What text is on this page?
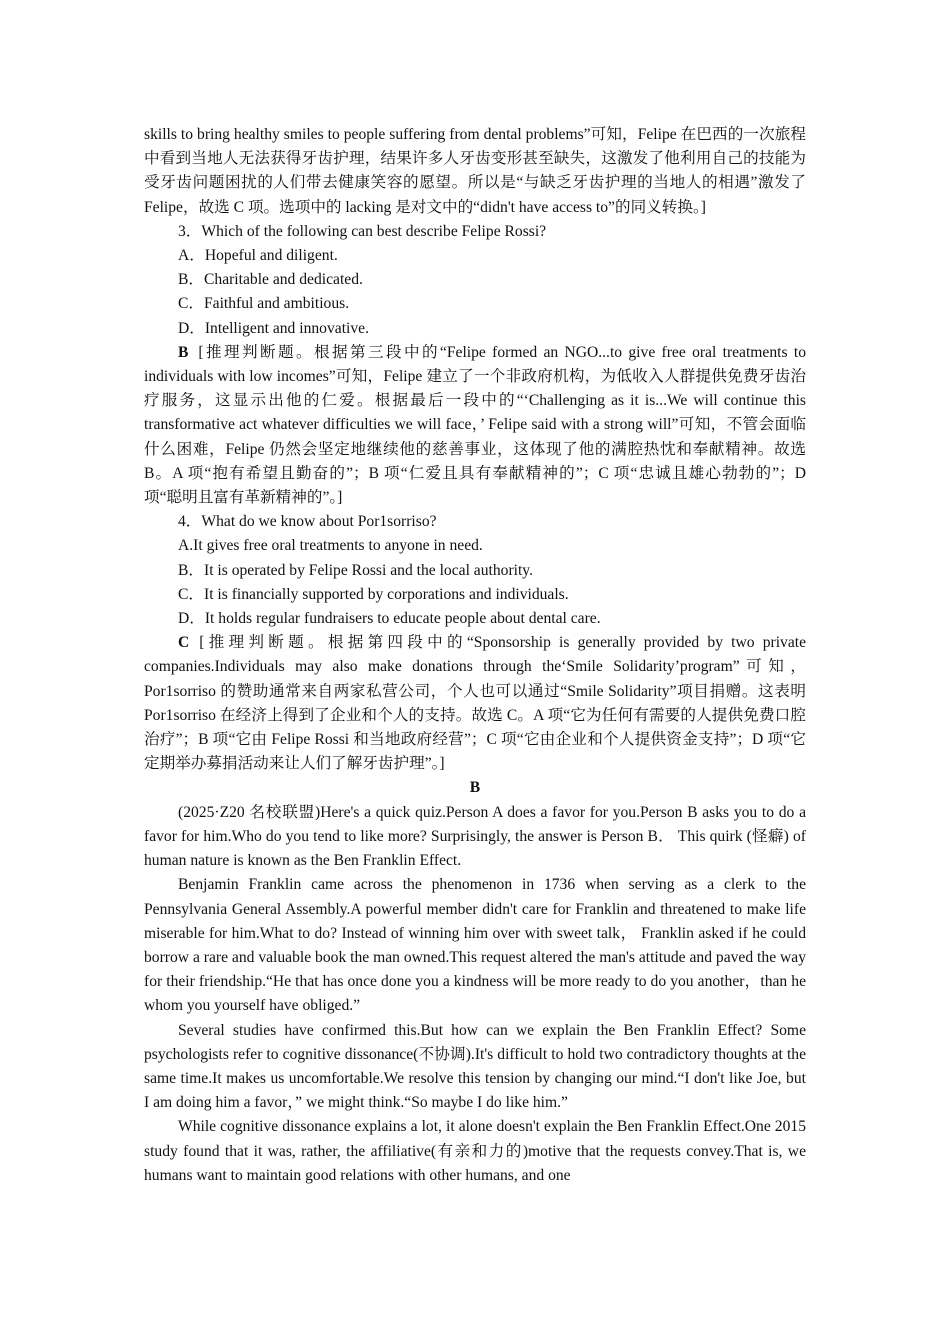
skills to bring healthy smiles to people suffering from dental problems”可知，Felipe 在巴西的一次旅程中看到当地人无法获得牙齿护理，结果许多人牙齿变形甚至缺失，这激发了他利用自己的技能为受牙齿问题困扰的人们带去健康笑容的愿望。所以是“与缺乏牙齿护理的当地人的相遇”激发了 Felipe，故选 C 项。选项中的 lacking 是对文中的“didn't have access to”的同义转换。]

3．Which of the following can best describe Felipe Rossi?

A．Hopeful and diligent.

B．Charitable and dedicated.

C．Faithful and ambitious.

D．Intelligent and innovative.

B [推理判断题。根据第三段中的“Felipe formed an NGO...to give free oral treatments to individuals with low incomes”可知，Felipe 建立了一个非政府机构，为低收入人群提供免费牙齿治疗服务，这显示出他的仁爱。根据最后一段中的“‘Challenging as it is...We will continue this transformative act whatever difficulties we will face，’ Felipe said with a strong will”可知，不管会面临什么困难，Felipe 仍然会坚定地继续他的慈善事业，这体现了他的满腔热忱和奉献精神。故选 B。A 项“抱有希望且勤奋的”；B 项“仁爱且具有奉献精神的”；C 项“忠诚且雄心勃勃的”；D 项“聪明且富有革新精神的”。]

4．What do we know about Por1sorriso?

A.It gives free oral treatments to anyone in need.

B．It is operated by Felipe Rossi and the local authority.

C．It is financially supported by corporations and individuals.

D．It holds regular fundraisers to educate people about dental care.

C [推理判断题。根据第四段中的“Sponsorship is generally provided by two private companies.Individuals may also make donations through the‘Smile Solidarity’program”可知，Por1sorriso 的赞助通常来自两家私营公司，个人也可以通过“Smile Solidarity”项目捐赠。这表明 Por1sorriso 在经济上得到了企业和个人的支持。故选 C。A 项“它为任何有需要的人提供免费口腔治疗”；B 项“它由 Felipe Rossi 和当地政府经营”；C 项“它由企业和个人提供资金支持”；D 项“它定期举办募捐活动来让人们了解牙齿护理”。]

B

(2025·Z20 名校联盟)Here's a quick quiz.Person A does a favor for you.Person B asks you to do a favor for him.Who do you tend to like more? Surprisingly, the answer is Person B． This quirk (怪癖) of human nature is known as the Ben Franklin Effect.

Benjamin Franklin came across the phenomenon in 1736 when serving as a clerk to the Pennsylvania General Assembly.A powerful member didn't care for Franklin and threatened to make life miserable for him.What to do? Instead of winning him over with sweet talk， Franklin asked if he could borrow a rare and valuable book the man owned.This request altered the man's attitude and paved the way for their friendship.“He that has once done you a kindness will be more ready to do you another，than he whom you yourself have obliged.”

Several studies have confirmed this.But how can we explain the Ben Franklin Effect? Some psychologists refer to cognitive dissonance(不协调).It's difficult to hold two contradictory thoughts at the same time.It makes us uncomfortable.We resolve this tension by changing our mind.“I don't like Joe, but I am doing him a favor，” we might think.“So maybe I do like him.”

While cognitive dissonance explains a lot, it alone doesn't explain the Ben Franklin Effect.One 2015 study found that it was, rather, the affiliative(有亲和力的)motive that the requests convey.That is, we humans want to maintain good relations with other humans, and one
